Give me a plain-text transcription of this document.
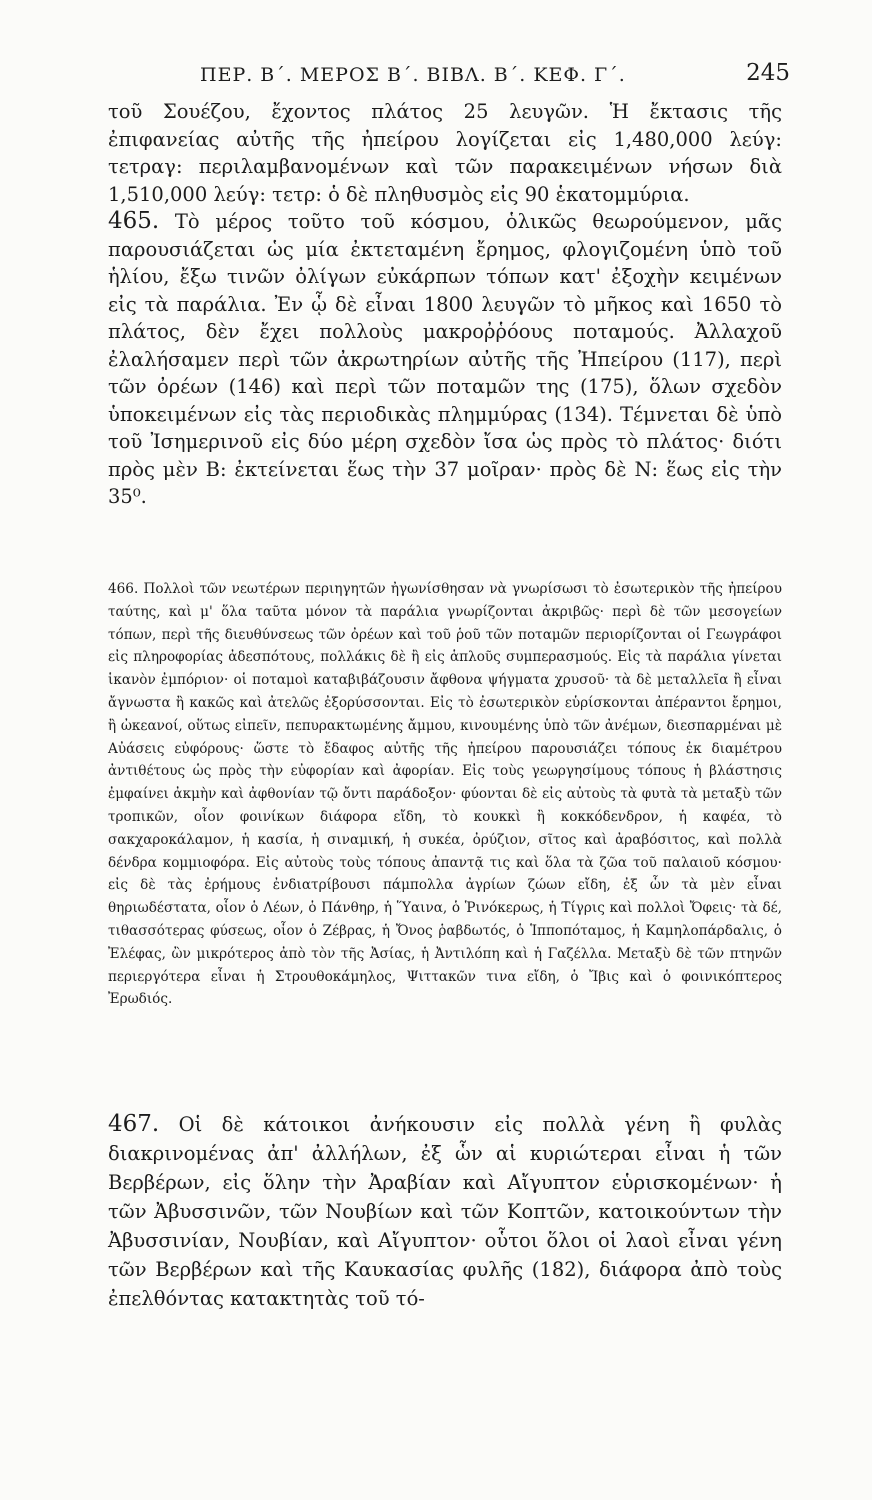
ΠΕΡ. Β΄. ΜΕΡΟΣ Β΄. ΒΙΒΛ. Β΄. ΚΕΦ. Γ΄.	245

τοῦ Σουέζου, ἔχοντος πλάτος 25 λευγῶν. Ἡ ἔκτασις τῆς ἐπιφανείας αὐτῆς τῆς ἠπείρου λογίζεται εἰς 1,480,000 λεύγ: τετραγ: περιλαμβανομένων καὶ τῶν παρακειμένων νήσων διὰ 1,510,000 λεύγ: τετρ: ὁ δὲ πληθυσμὸς εἰς 90 ἑκατομμύρια.

465. Τὸ μέρος τοῦτο τοῦ κόσμου, ὁλικῶς θεωρούμενον, μᾶς παρουσιάζεται ὡς μία ἐκτεταμένη ἔρημος, φλογιζομένη ὑπὸ τοῦ ἡλίου, ἔξω τινῶν ὀλίγων εὐκάρπων τόπων κατ' ἐξοχὴν κειμένων εἰς τὰ παράλια. Ἐν ᾧ δὲ εἶναι 1800 λευγῶν τὸ μῆκος καὶ 1650 τὸ πλάτος, δὲν ἔχει πολλοὺς μακροῤῥόους ποταμούς. Ἀλλαχοῦ ἐλαλήσαμεν περὶ τῶν ἀκρωτηρίων αὐτῆς τῆς Ἠπείρου (117), περὶ τῶν ὀρέων (146) καὶ περὶ τῶν ποταμῶν της (175), ὅλων σχεδὸν ὑποκειμένων εἰς τὰς περιοδικὰς πλημμύρας (134). Τέμνεται δὲ ὑπὸ τοῦ Ἰσημερινοῦ εἰς δύο μέρη σχεδὸν ἴσα ὡς πρὸς τὸ πλάτος· διότι πρὸς μὲν Β: ἐκτείνεται ἕως τὴν 37 μοῖραν· πρὸς δὲ Ν: ἕως εἰς τὴν 35⁰.

466. Πολλοὶ τῶν νεωτέρων περιηγητῶν ἠγωνίσθησαν νὰ γνωρίσωσι τὸ ἐσωτερικὸν τῆς ἠπείρου ταύτης, καὶ μ' ὅλα ταῦτα μόνον τὰ παράλια γνωρίζονται ἀκριβῶς· περὶ δὲ τῶν μεσογείων τόπων, περὶ τῆς διευθύνσεως τῶν ὀρέων καὶ τοῦ ῥοῦ τῶν ποταμῶν περιορίζονται οἱ Γεωγράφοι εἰς πληροφορίας ἀδεσπότους, πολλάκις δὲ ἢ εἰς ἁπλοῦς συμπερασμούς. Εἰς τὰ παράλια γίνεται ἱκανὸν ἐμπόριον· οἱ ποταμοὶ καταβιβάζουσιν ἄφθονα ψήγματα χρυσοῦ· τὰ δὲ μεταλλεῖα ἢ εἶναι ἄγνωστα ἢ κακῶς καὶ ἀτελῶς ἐξορύσσονται. Εἰς τὸ ἐσωτερικὸν εὑρίσκονται ἀπέραντοι ἔρημοι, ἢ ὠκεανοί, οὕτως εἰπεῖν, πεπυρακτωμένης ἄμμου, κινουμένης ὑπὸ τῶν ἀνέμων, διεσπαρμέναι μὲ Αὐάσεις εὐφόρους· ὥστε τὸ ἔδαφος αὐτῆς τῆς ἠπείρου παρουσιάζει τόπους ἐκ διαμέτρου ἀντιθέτους ὡς πρὸς τὴν εὐφορίαν καὶ ἀφορίαν. Εἰς τοὺς γεωργησίμους τόπους ἡ βλάστησις ἐμφαίνει ἀκμὴν καὶ ἀφθονίαν τῷ ὄντι παράδοξον· φύονται δὲ εἰς αὐτοὺς τὰ φυτὰ τὰ μεταξὺ τῶν τροπικῶν, οἷον φοινίκων διάφορα εἴδη, τὸ κουκκὶ ἢ κοκκόδενδρον, ἡ καφέα, τὸ σακχαροκάλαμον, ἡ κασία, ἡ σιναμική, ἡ συκέα, ὀρύζιον, σῖτος καὶ ἀραβόσιτος, καὶ πολλὰ δένδρα κομμιοφόρα. Εἰς αὐτοὺς τοὺς τόπους ἀπαντᾷ τις καὶ ὅλα τὰ ζῶα τοῦ παλαιοῦ κόσμου· εἰς δὲ τὰς ἐρήμους ἐνδιατρίβουσι πάμπολλα ἀγρίων ζώων εἴδη, ἐξ ὧν τὰ μὲν εἶναι θηριωδέστατα, οἷον ὁ Λέων, ὁ Πάνθηρ, ἡ Ὕαινα, ὁ Ῥινόκερως, ἡ Τίγρις καὶ πολλοὶ Ὄφεις· τὰ δέ, τιθασσότερας φύσεως, οἷον ὁ Ζέβρας, ἡ Ὄνος ῥαβδωτός, ὁ Ἱπποπόταμος, ἡ Καμηλοπάρδαλις, ὁ Ἐλέφας, ὢν μικρότερος ἀπὸ τὸν τῆς Ἀσίας, ἡ Ἀντιλόπη καὶ ἡ Γαζέλλα. Μεταξὺ δὲ τῶν πτηνῶν περιεργότερα εἶναι ἡ Στρουθοκάμηλος, Ψιττακῶν τινα εἴδη, ὁ Ἴβις καὶ ὁ φοινικόπτερος Ἐρωδιός.

467. Οἱ δὲ κάτοικοι ἀνήκουσιν εἰς πολλὰ γένη ἢ φυλὰς διακρινομένας ἀπ' ἀλλήλων, ἐξ ὧν αἱ κυριώτεραι εἶναι ἡ τῶν Βερβέρων, εἰς ὅλην τὴν Ἀραβίαν καὶ Αἴγυπτον εὑρισκομένων· ἡ τῶν Ἀβυσσινῶν, τῶν Νουβίων καὶ τῶν Κοπτῶν, κατοικούντων τὴν Ἀβυσσινίαν, Νουβίαν, καὶ Αἴγυπτον· οὗτοι ὅλοι οἱ λαοὶ εἶναι γένη τῶν Βερβέρων καὶ τῆς Καυκασίας φυλῆς (182), διάφορα ἀπὸ τοὺς ἐπελθόντας κατακτητὰς τοῦ τό-
